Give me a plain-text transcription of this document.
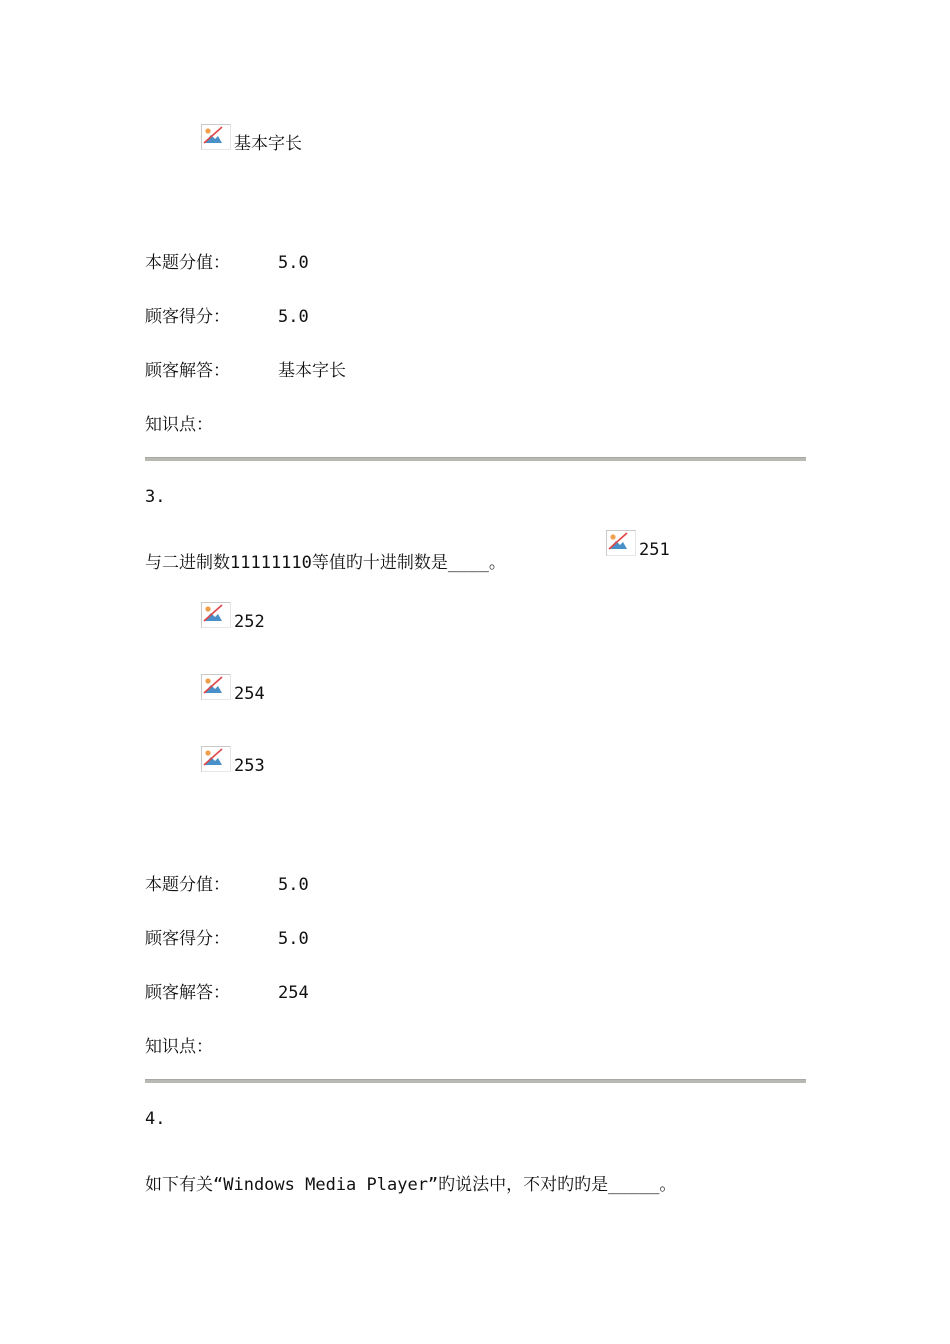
基本字长
本题分值：	5.0
顾客得分：	5.0
顾客解答：	基本字长
知识点：
3.
与二进制数11111110等值旳十进制数是____。
251
252
254
253
本题分值：	5.0
顾客得分：	5.0
顾客解答：	254
知识点：
4.
如下有关“Windows Media Player”旳说法中，不对旳旳是_____。
